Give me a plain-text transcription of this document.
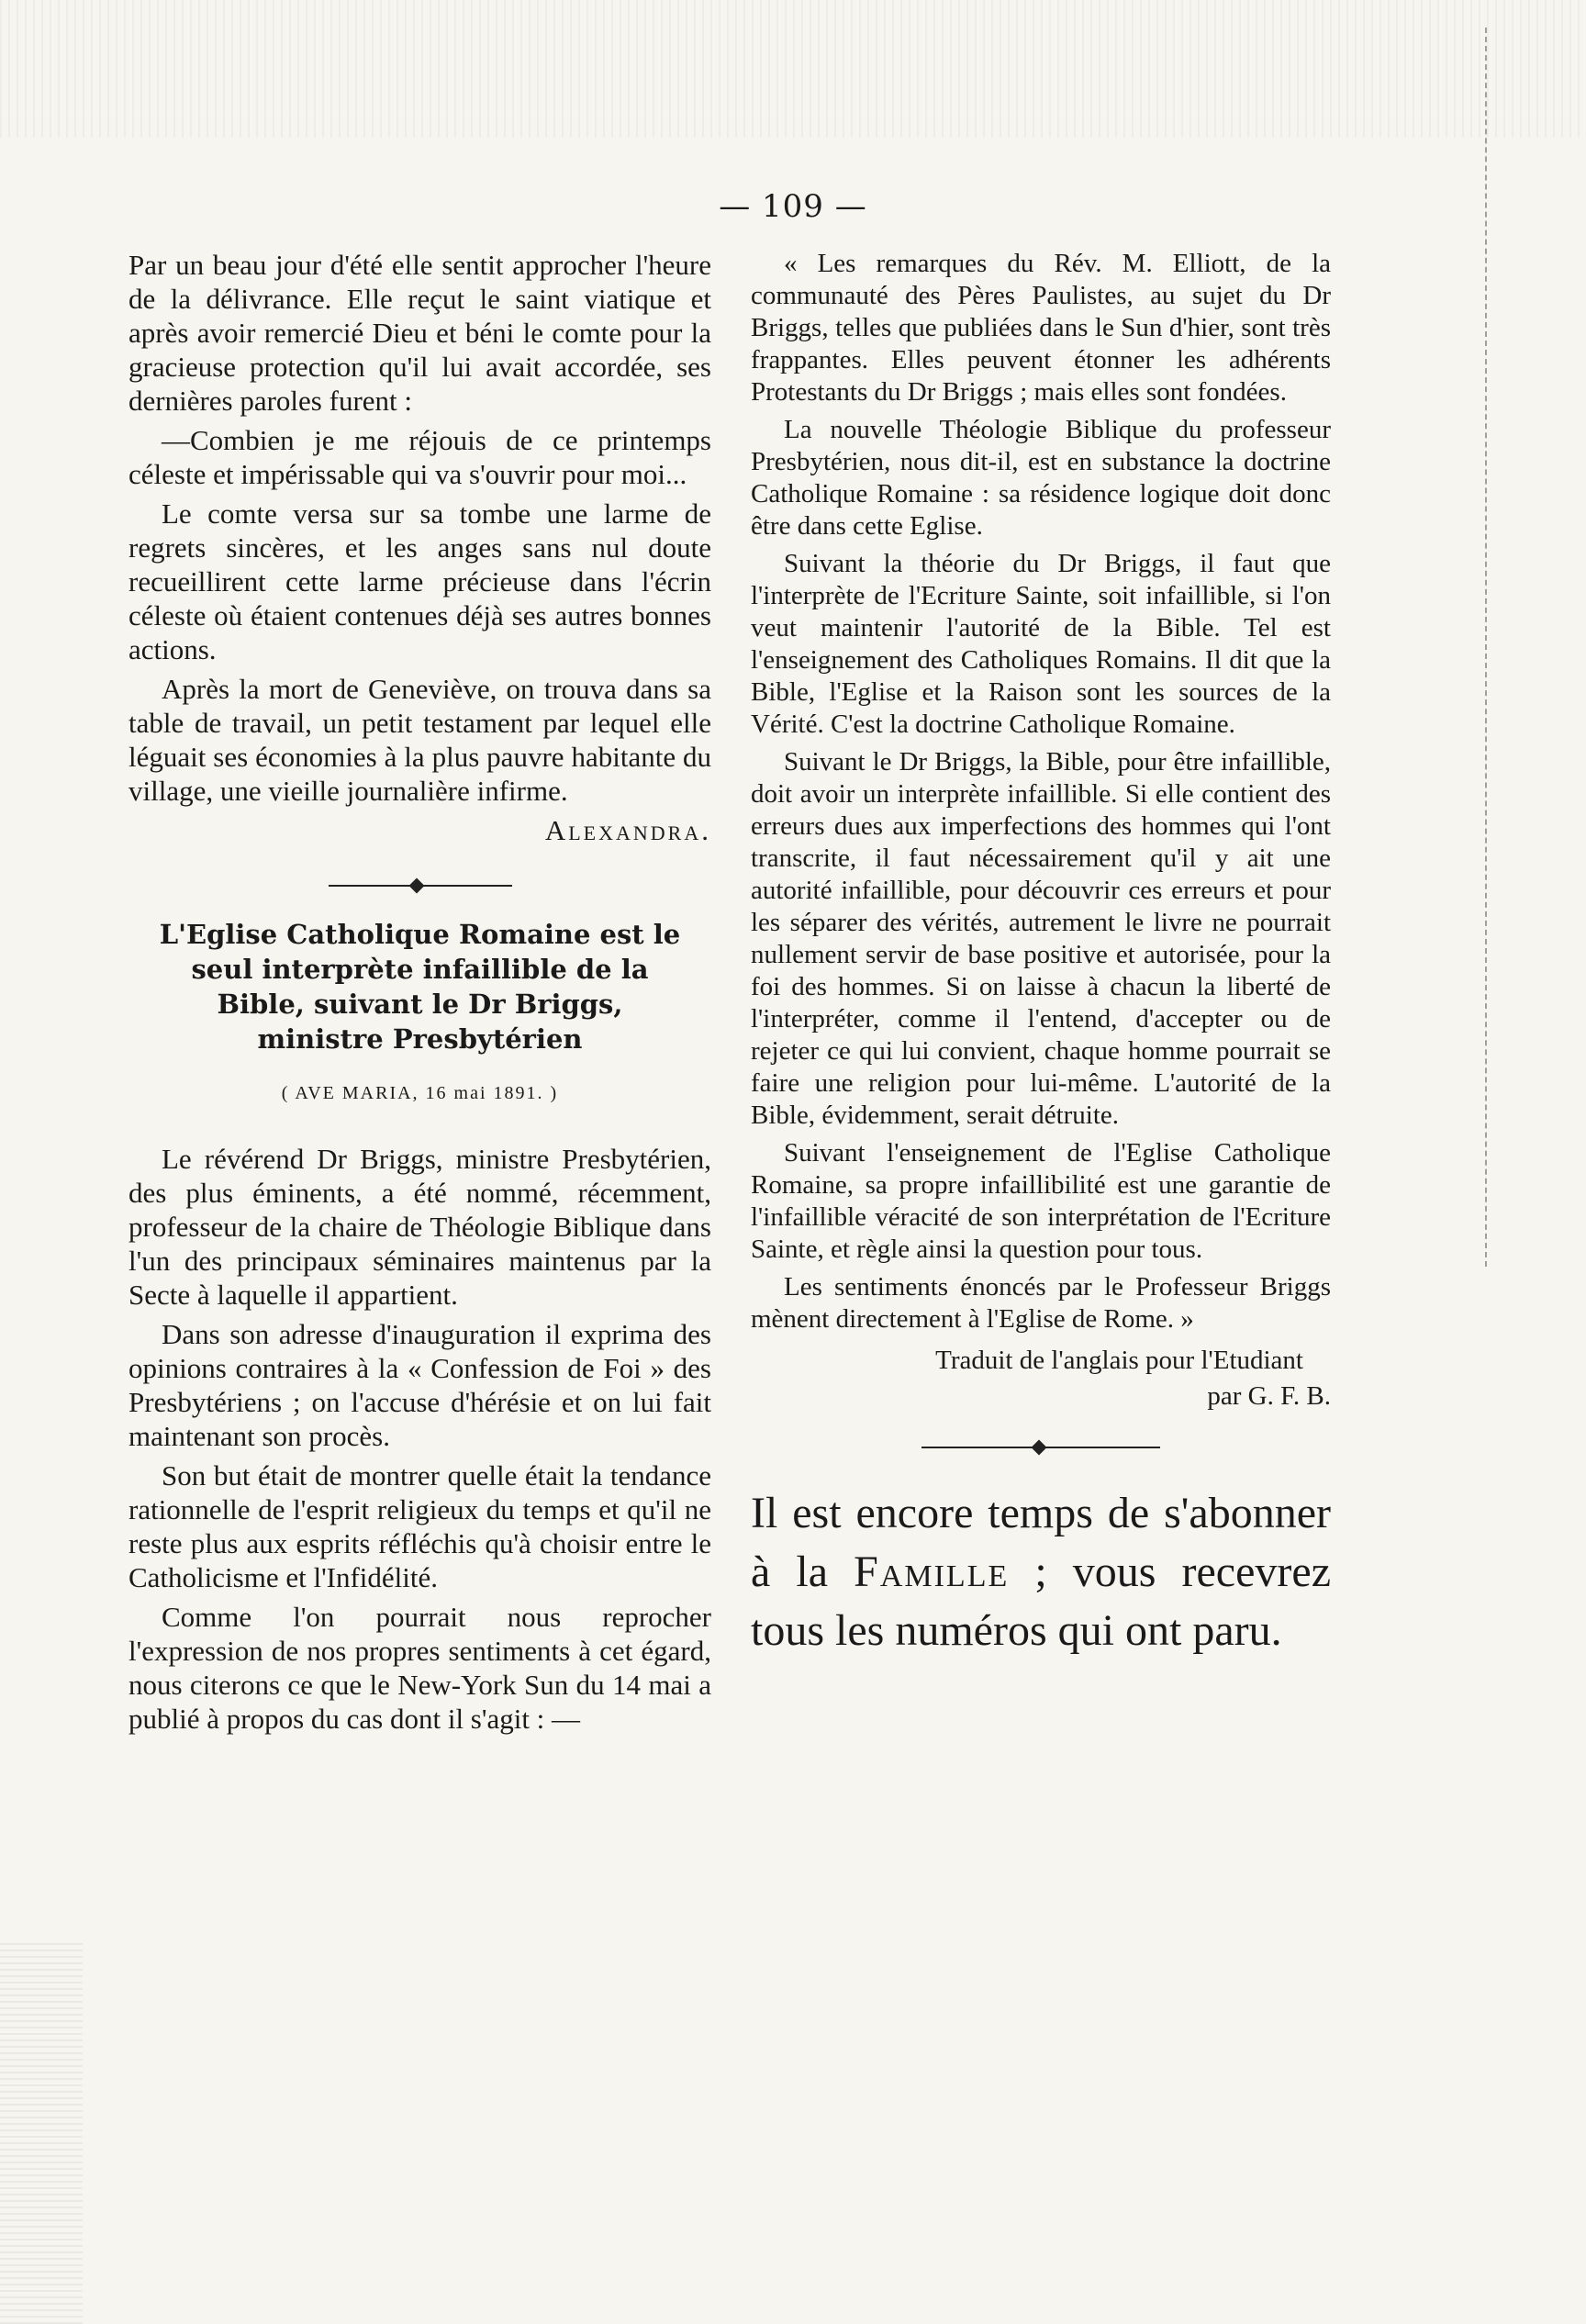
— 109 —

Par un beau jour d'été elle sentit approcher l'heure de la délivrance. Elle reçut le saint viatique et après avoir remercié Dieu et béni le comte pour la gracieuse protection qu'il lui avait accordée, ses dernières paroles furent :

—Combien je me réjouis de ce printemps céleste et impérissable qui va s'ouvrir pour moi...

Le comte versa sur sa tombe une larme de regrets sincères, et les anges sans nul doute recueillirent cette larme précieuse dans l'écrin céleste où étaient contenues déjà ses autres bonnes actions.

Après la mort de Geneviève, on trouva dans sa table de travail, un petit testament par lequel elle léguait ses économies à la plus pauvre habitante du village, une vieille journalière infirme.

Alexandra.

L'Eglise Catholique Romaine est le
seul interprète infaillible de la
Bible, suivant le Dr Briggs,
ministre Presbytérien
( AVE MARIA, 16 mai 1891. )

Le révérend Dr Briggs, ministre Presbytérien, des plus éminents, a été nommé, récemment, professeur de la chaire de Théologie Biblique dans l'un des principaux séminaires maintenus par la Secte à laquelle il appartient.

Dans son adresse d'inauguration il exprima des opinions contraires à la « Confession de Foi » des Presbytériens ; on l'accuse d'hérésie et on lui fait maintenant son procès.

Son but était de montrer quelle était la tendance rationnelle de l'esprit religieux du temps et qu'il ne reste plus aux esprits réfléchis qu'à choisir entre le Catholicisme et l'Infidélité.

Comme l'on pourrait nous reprocher l'expression de nos propres sentiments à cet égard, nous citerons ce que le New-York Sun du 14 mai a publié à propos du cas dont il s'agit : —

« Les remarques du Rév. M. Elliott, de la communauté des Pères Paulistes, au sujet du Dr Briggs, telles que publiées dans le Sun d'hier, sont très frappantes. Elles peuvent étonner les adhérents Protestants du Dr Briggs ; mais elles sont fondées.

La nouvelle Théologie Biblique du professeur Presbytérien, nous dit-il, est en substance la doctrine Catholique Romaine : sa résidence logique doit donc être dans cette Eglise.

Suivant la théorie du Dr Briggs, il faut que l'interprète de l'Ecriture Sainte, soit infaillible, si l'on veut maintenir l'autorité de la Bible. Tel est l'enseignement des Catholiques Romains. Il dit que la Bible, l'Eglise et la Raison sont les sources de la Vérité. C'est la doctrine Catholique Romaine.

Suivant le Dr Briggs, la Bible, pour être infaillible, doit avoir un interprète infaillible. Si elle contient des erreurs dues aux imperfections des hommes qui l'ont transcrite, il faut nécessairement qu'il y ait une autorité infaillible, pour découvrir ces erreurs et pour les séparer des vérités, autrement le livre ne pourrait nullement servir de base positive et autorisée, pour la foi des hommes. Si on laisse à chacun la liberté de l'interpréter, comme il l'entend, d'accepter ou de rejeter ce qui lui convient, chaque homme pourrait se faire une religion pour lui-même. L'autorité de la Bible, évidemment, serait détruite.

Suivant l'enseignement de l'Eglise Catholique Romaine, sa propre infaillibilité est une garantie de l'infaillible véracité de son interprétation de l'Ecriture Sainte, et règle ainsi la question pour tous.

Les sentiments énoncés par le Professeur Briggs mènent directement à l'Eglise de Rome. »

Traduit de l'anglais pour l'Etudiant
par G. F. B.

Il est encore temps de s'abonner à la Famille ; vous recevrez tous les numéros qui ont paru.
